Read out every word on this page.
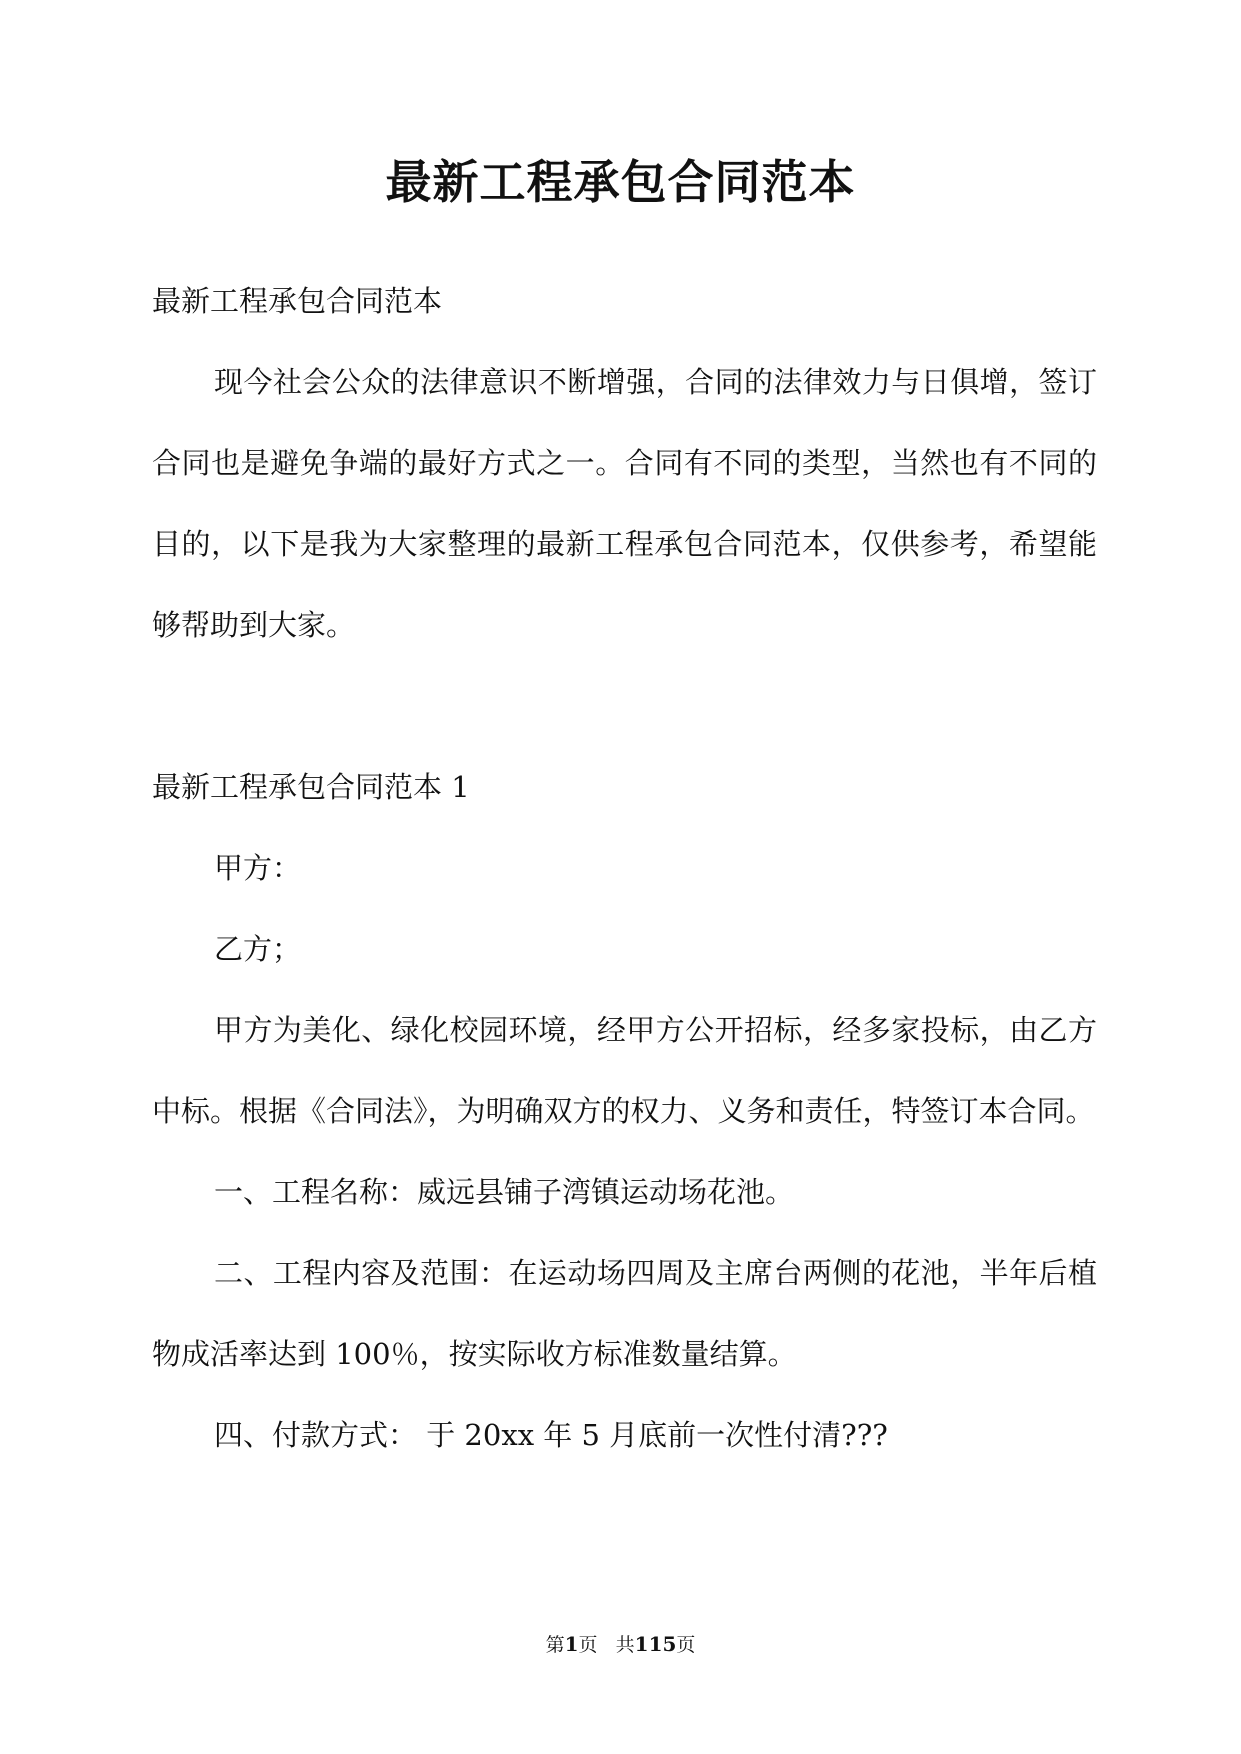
最新工程承包合同范本

最新工程承包合同范本

现今社会公众的法律意识不断增强，合同的法律效力与日俱增，签订合同也是避免争端的最好方式之一。合同有不同的类型，当然也有不同的目的，以下是我为大家整理的最新工程承包合同范本，仅供参考，希望能够帮助到大家。

最新工程承包合同范本 1

甲方：

乙方；

甲方为美化、绿化校园环境，经甲方公开招标，经多家投标，由乙方中标。根据《合同法》，为明确双方的权力、义务和责任，特签订本合同。

一、工程名称：威远县铺子湾镇运动场花池。

二、工程内容及范围：在运动场四周及主席台两侧的花池，半年后植物成活率达到 100％，按实际收方标准数量结算。

四、付款方式： 于 20xx 年 5 月底前一次性付清???

第1页 共115页
